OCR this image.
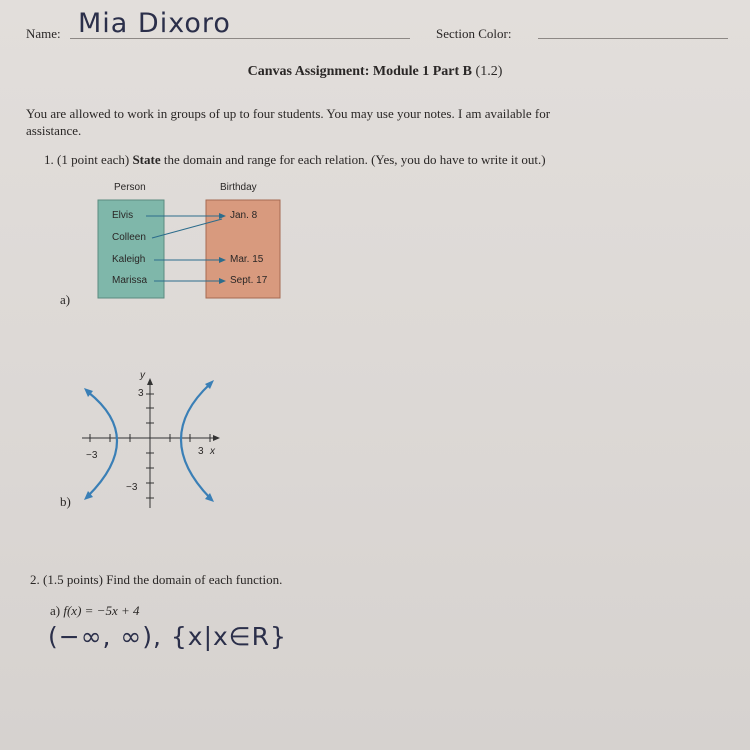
Name: Mia Dixoro	Section Color:
Canvas Assignment: Module 1 Part B (1.2)
You are allowed to work in groups of up to four students. You may use your notes. I am available for
assistance.
1. (1 point each) State the domain and range for each relation. (Yes, you do have to write it out.)
Person	Birthday
Elvis
Colleen
Kaleigh
Marissa
Jan. 8
Mar. 15
Sept. 17
a)
y
x
3
−3
−3	3
b)
2. (1.5 points) Find the domain of each function.
a) f(x) = −5x + 4
(−∞, ∞), {x|x∈R}
